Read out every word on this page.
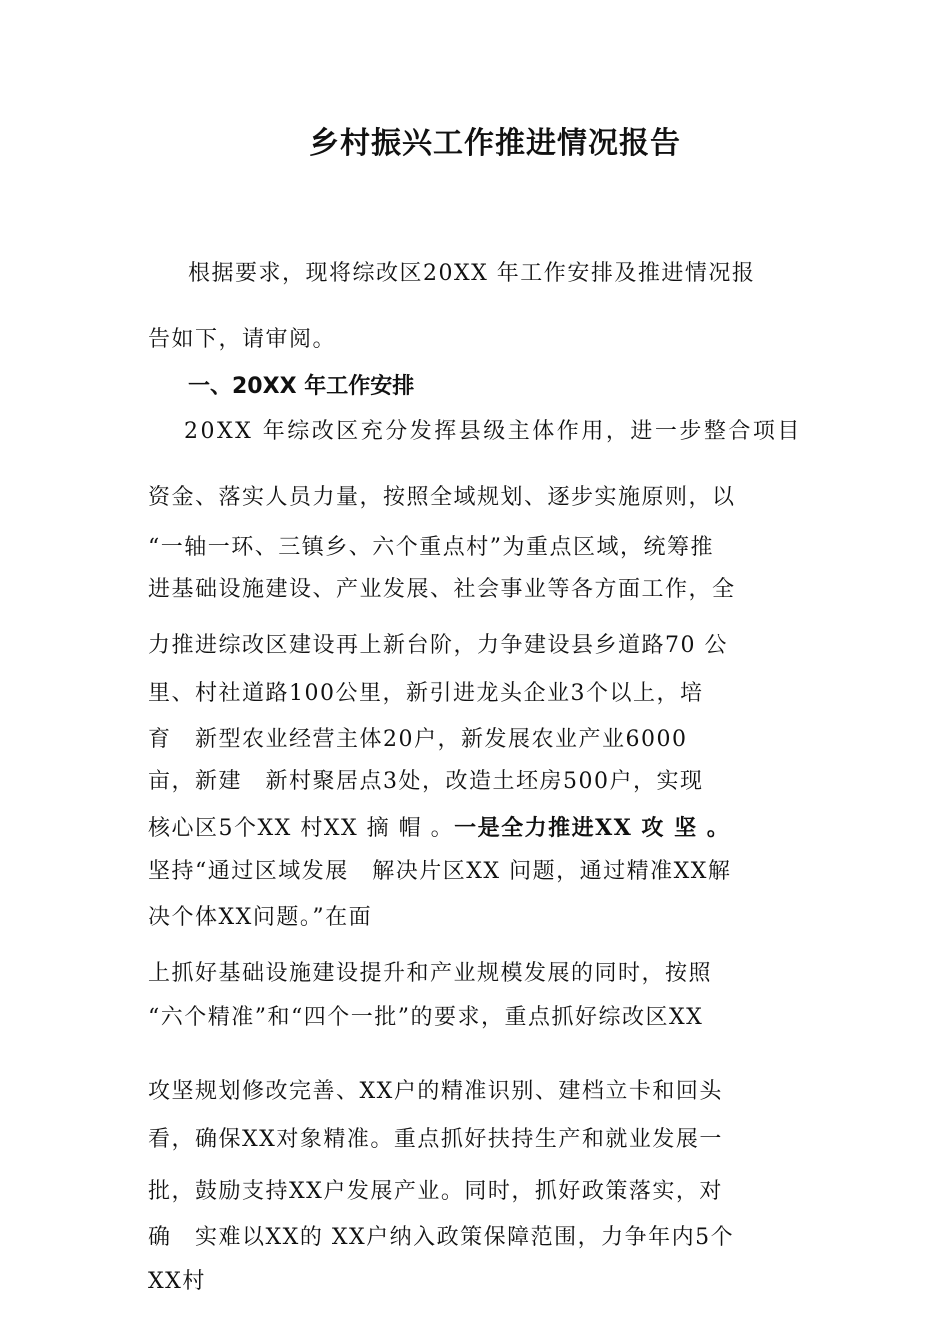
乡村振兴工作推进情况报告
根据要求，现将综改区20XX 年工作安排及推进情况报
告如下，请审阅。
一、20XX 年工作安排
20XX 年综改区充分发挥县级主体作用，进一步整合项目
资金、落实人员力量，按照全域规划、逐步实施原则，以
“一轴一环、三镇乡、六个重点村”为重点区域，统筹推
进基础设施建设、产业发展、社会事业等各方面工作，全
力推进综改区建设再上新台阶，力争建设县乡道路70 公
里、村社道路100公里，新引进龙头企业3个以上，培
育　新型农业经营主体20户，新发展农业产业6000
亩，新建　新村聚居点3处，改造土坯房500户，实现
核心区5个XX 村XX 摘 帽 。一是全力推进XX 攻 坚 。
坚持“通过区域发展　解决片区XX 问题，通过精准XX解
决个体XX问题。”在面
上抓好基础设施建设提升和产业规模发展的同时，按照
“六个精准”和“四个一批”的要求，重点抓好综改区XX
攻坚规划修改完善、XX户的精准识别、建档立卡和回头
看，确保XX对象精准。重点抓好扶持生产和就业发展一
批，鼓励支持XX户发展产业。同时，抓好政策落实，对
确　实难以XX的 XX户纳入政策保障范围，力争年内5个
XX村
